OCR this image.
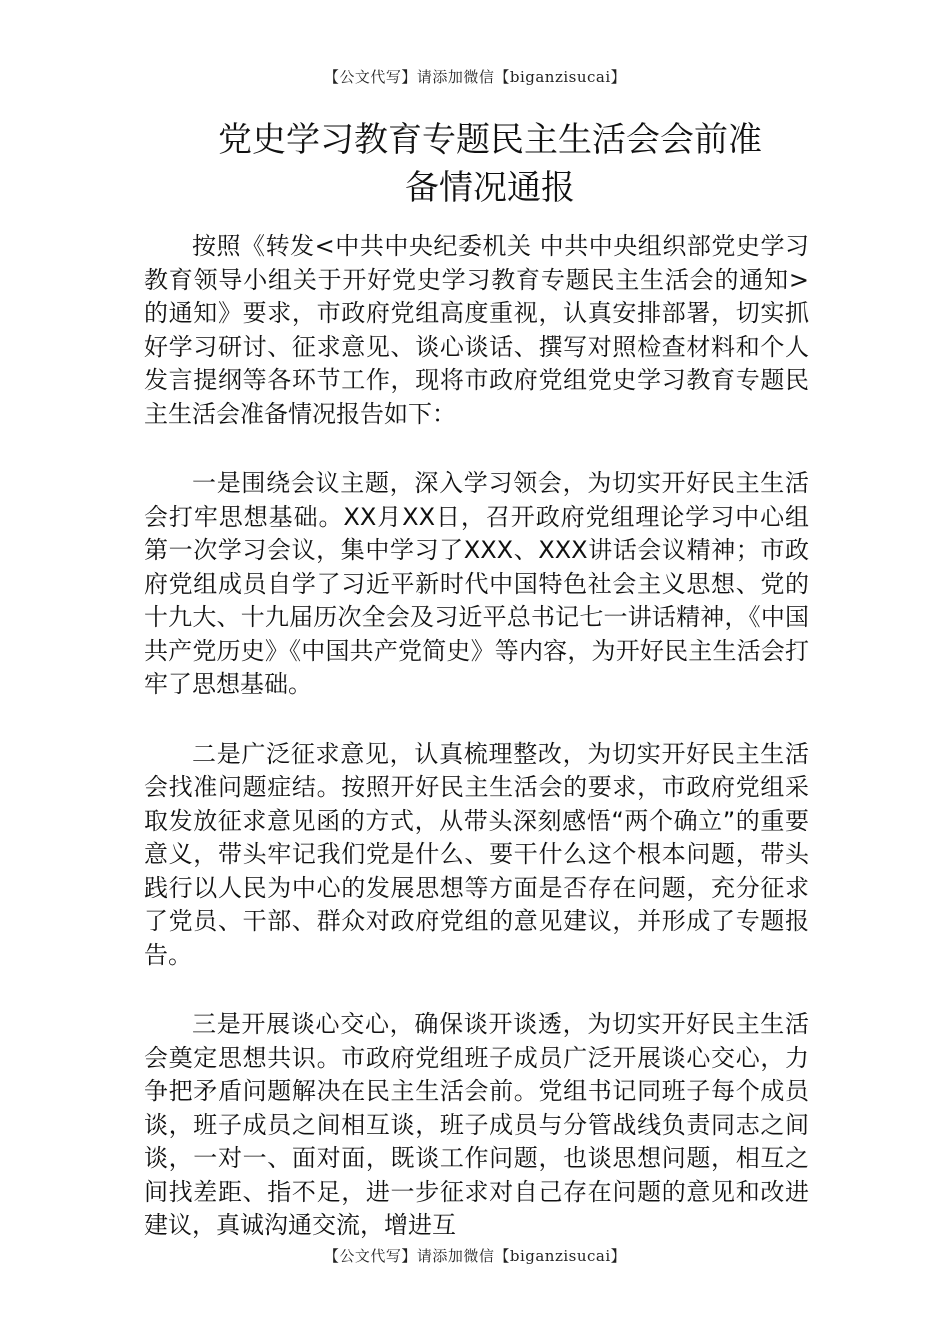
【公文代写】请添加微信【biganzisucai】
党史学习教育专题民主生活会会前准
备情况通报

按照《转发<中共中央纪委机关 中共中央组织部党史学习教育领导小组关于开好党史学习教育专题民主生活会的通知>的通知》要求，市政府党组高度重视，认真安排部署，切实抓好学习研讨、征求意见、谈心谈话、撰写对照检查材料和个人发言提纲等各环节工作，现将市政府党组党史学习教育专题民主生活会准备情况报告如下：

一是围绕会议主题，深入学习领会，为切实开好民主生活会打牢思想基础。XX月XX日，召开政府党组理论学习中心组第一次学习会议，集中学习了XXX、XXX讲话会议精神；市政府党组成员自学了习近平新时代中国特色社会主义思想、党的十九大、十九届历次全会及习近平总书记七一讲话精神，《中国共产党历史》《中国共产党简史》等内容，为开好民主生活会打牢了思想基础。

二是广泛征求意见，认真梳理整改，为切实开好民主生活会找准问题症结。按照开好民主生活会的要求，市政府党组采取发放征求意见函的方式，从带头深刻感悟“两个确立”的重要意义，带头牢记我们党是什么、要干什么这个根本问题，带头践行以人民为中心的发展思想等方面是否存在问题，充分征求了党员、干部、群众对政府党组的意见建议，并形成了专题报告。

三是开展谈心交心，确保谈开谈透，为切实开好民主生活会奠定思想共识。市政府党组班子成员广泛开展谈心交心，力争把矛盾问题解决在民主生活会前。党组书记同班子每个成员谈，班子成员之间相互谈，班子成员与分管战线负责同志之间谈，一对一、面对面，既谈工作问题，也谈思想问题，相互之间找差距、指不足，进一步征求对自己存在问题的意见和改进建议，真诚沟通交流，增进互

【公文代写】请添加微信【biganzisucai】
